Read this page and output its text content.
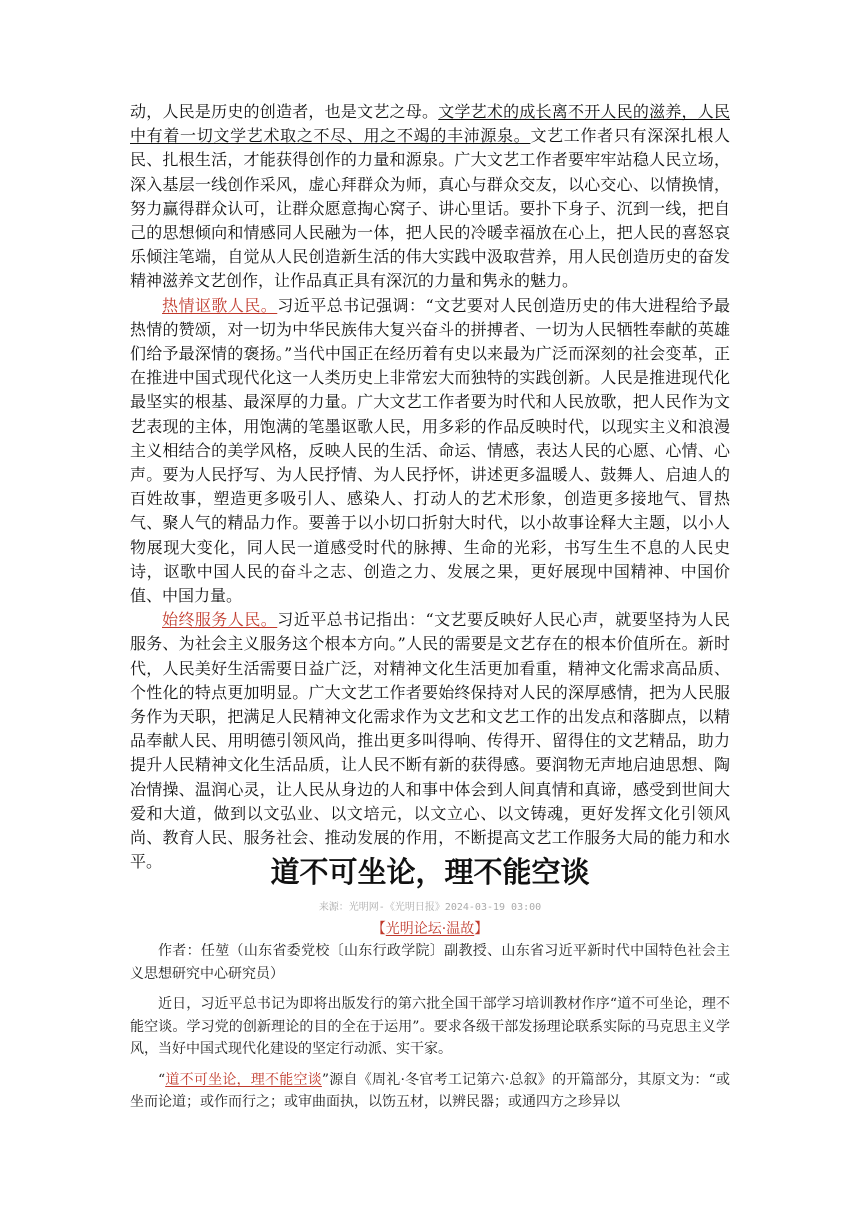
动，人民是历史的创造者，也是文艺之母。文学艺术的成长离不开人民的滋养，人民中有着一切文学艺术取之不尽、用之不竭的丰沛源泉。文艺工作者只有深深扎根人民、扎根生活，才能获得创作的力量和源泉。广大文艺工作者要牢牢站稳人民立场，深入基层一线创作采风，虚心拜群众为师，真心与群众交友，以心交心、以情换情，努力赢得群众认可，让群众愿意掏心窝子、讲心里话。要扑下身子、沉到一线，把自己的思想倾向和情感同人民融为一体，把人民的冷暖幸福放在心上，把人民的喜怒哀乐倾注笔端，自觉从人民创造新生活的伟大实践中汲取营养，用人民创造历史的奋发精神滋养文艺创作，让作品真正具有深沉的力量和隽永的魅力。

热情讴歌人民。习近平总书记强调：“文艺要对人民创造历史的伟大进程给予最热情的赞颂，对一切为中华民族伟大复兴奋斗的拼搏者、一切为人民牺牲奉献的英雄们给予最深情的褒扬。”当代中国正在经历着有史以来最为广泛而深刻的社会变革，正在推进中国式现代化这一人类历史上非常宏大而独特的实践创新。人民是推进现代化最坚实的根基、最深厚的力量。广大文艺工作者要为时代和人民放歌，把人民作为文艺表现的主体，用饱满的笔墨讴歌人民，用多彩的作品反映时代，以现实主义和浪漫主义相结合的美学风格，反映人民的生活、命运、情感，表达人民的心愿、心情、心声。要为人民抒写、为人民抒情、为人民抒怀，讲述更多温暖人、鼓舞人、启迪人的百姓故事，塑造更多吸引人、感染人、打动人的艺术形象，创造更多接地气、冒热气、聚人气的精品力作。要善于以小切口折射大时代，以小故事诠释大主题，以小人物展现大变化，同人民一道感受时代的脉搏、生命的光彩，书写生生不息的人民史诗，讴歌中国人民的奋斗之志、创造之力、发展之果，更好展现中国精神、中国价值、中国力量。

始终服务人民。习近平总书记指出：“文艺要反映好人民心声，就要坚持为人民服务、为社会主义服务这个根本方向。”人民的需要是文艺存在的根本价值所在。新时代，人民美好生活需要日益广泛，对精神文化生活更加看重，精神文化需求高品质、个性化的特点更加明显。广大文艺工作者要始终保持对人民的深厚感情，把为人民服务作为天职，把满足人民精神文化需求作为文艺和文艺工作的出发点和落脚点，以精品奉献人民、用明德引领风尚，推出更多叫得响、传得开、留得住的文艺精品，助力提升人民精神文化生活品质，让人民不断有新的获得感。要润物无声地启迪思想、陶冶情操、温润心灵，让人民从身边的人和事中体会到人间真情和真谛，感受到世间大爱和大道，做到以文弘业、以文培元，以文立心、以文铸魂，更好发挥文化引领风尚、教育人民、服务社会、推动发展的作用，不断提高文艺工作服务大局的能力和水平。	道不可坐论，理不能空谈
来源：光明网-《光明日报》2024-03-19 03:00
【光明论坛·温故】

作者：任堃（山东省委党校〔山东行政学院〕副教授、山东省习近平新时代中国特色社会主义思想研究中心研究员）

近日，习近平总书记为即将出版发行的第六批全国干部学习培训教材作序“道不可坐论，理不能空谈。学习党的创新理论的目的全在于运用”。要求各级干部发扬理论联系实际的马克思主义学风，当好中国式现代化建设的坚定行动派、实干家。

“道不可坐论，理不能空谈”源自《周礼·冬官考工记第六·总叙》的开篇部分，其原文为：“或坐而论道；或作而行之；或审曲面执，以饬五材，以辨民器；或通四方之珍异以
